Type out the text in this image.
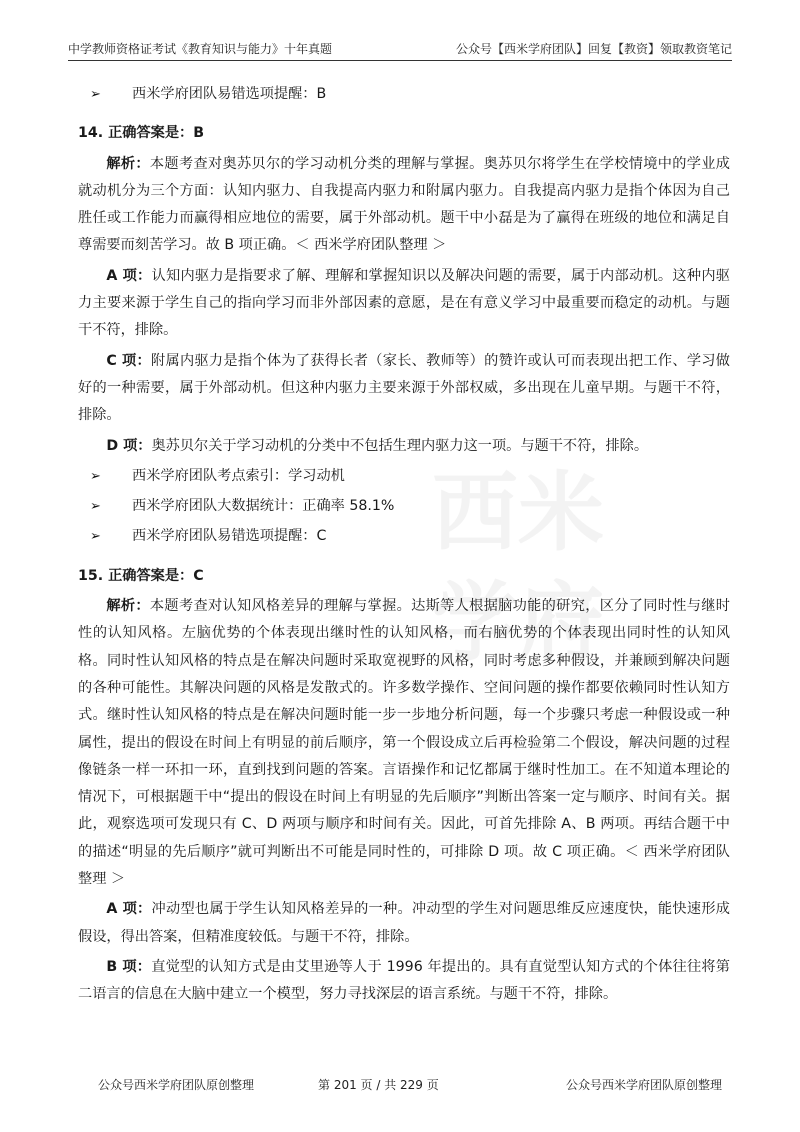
中学教师资格证考试《教育知识与能力》十年真题	公众号【西米学府团队】回复【教资】领取教资笔记
西米
学府
➢	西米学府团队易错选项提醒：B
14. 正确答案是：B

解析：本题考查对奥苏贝尔的学习动机分类的理解与掌握。奥苏贝尔将学生在学校情境中的学业成就动机分为三个方面：认知内驱力、自我提高内驱力和附属内驱力。自我提高内驱力是指个体因为自己胜任或工作能力而赢得相应地位的需要，属于外部动机。题干中小磊是为了赢得在班级的地位和满足自尊需要而刻苦学习。故 B 项正确。＜ 西米学府团队整理 ＞

A 项：认知内驱力是指要求了解、理解和掌握知识以及解决问题的需要，属于内部动机。这种内驱力主要来源于学生自己的指向学习而非外部因素的意愿，是在有意义学习中最重要而稳定的动机。与题干不符，排除。

C 项：附属内驱力是指个体为了获得长者（家长、教师等）的赞许或认可而表现出把工作、学习做好的一种需要，属于外部动机。但这种内驱力主要来源于外部权威，多出现在儿童早期。与题干不符，排除。

D 项：奥苏贝尔关于学习动机的分类中不包括生理内驱力这一项。与题干不符，排除。

➢	西米学府团队考点索引：学习动机
➢	西米学府团队大数据统计：正确率 58.1%
➢	西米学府团队易错选项提醒：C
15. 正确答案是：C

解析：本题考查对认知风格差异的理解与掌握。达斯等人根据脑功能的研究，区分了同时性与继时性的认知风格。左脑优势的个体表现出继时性的认知风格，而右脑优势的个体表现出同时性的认知风格。同时性认知风格的特点是在解决问题时采取宽视野的风格，同时考虑多种假设，并兼顾到解决问题的各种可能性。其解决问题的风格是发散式的。许多数学操作、空间问题的操作都要依赖同时性认知方式。继时性认知风格的特点是在解决问题时能一步一步地分析问题，每一个步骤只考虑一种假设或一种属性，提出的假设在时间上有明显的前后顺序，第一个假设成立后再检验第二个假设，解决问题的过程像链条一样一环扣一环，直到找到问题的答案。言语操作和记忆都属于继时性加工。在不知道本理论的情况下，可根据题干中“提出的假设在时间上有明显的先后顺序”判断出答案一定与顺序、时间有关。据此，观察选项可发现只有 C、D 两项与顺序和时间有关。因此，可首先排除 A、B 两项。再结合题干中的描述“明显的先后顺序”就可判断出不可能是同时性的，可排除 D 项。故 C 项正确。＜ 西米学府团队整理 ＞

A 项：冲动型也属于学生认知风格差异的一种。冲动型的学生对问题思维反应速度快，能快速形成假设，得出答案，但精准度较低。与题干不符，排除。

B 项：直觉型的认知方式是由艾里逊等人于 1996 年提出的。具有直觉型认知方式的个体往往将第二语言的信息在大脑中建立一个模型，努力寻找深层的语言系统。与题干不符，排除。

公众号西米学府团队原创整理	第 201 页 / 共 229 页	公众号西米学府团队原创整理
